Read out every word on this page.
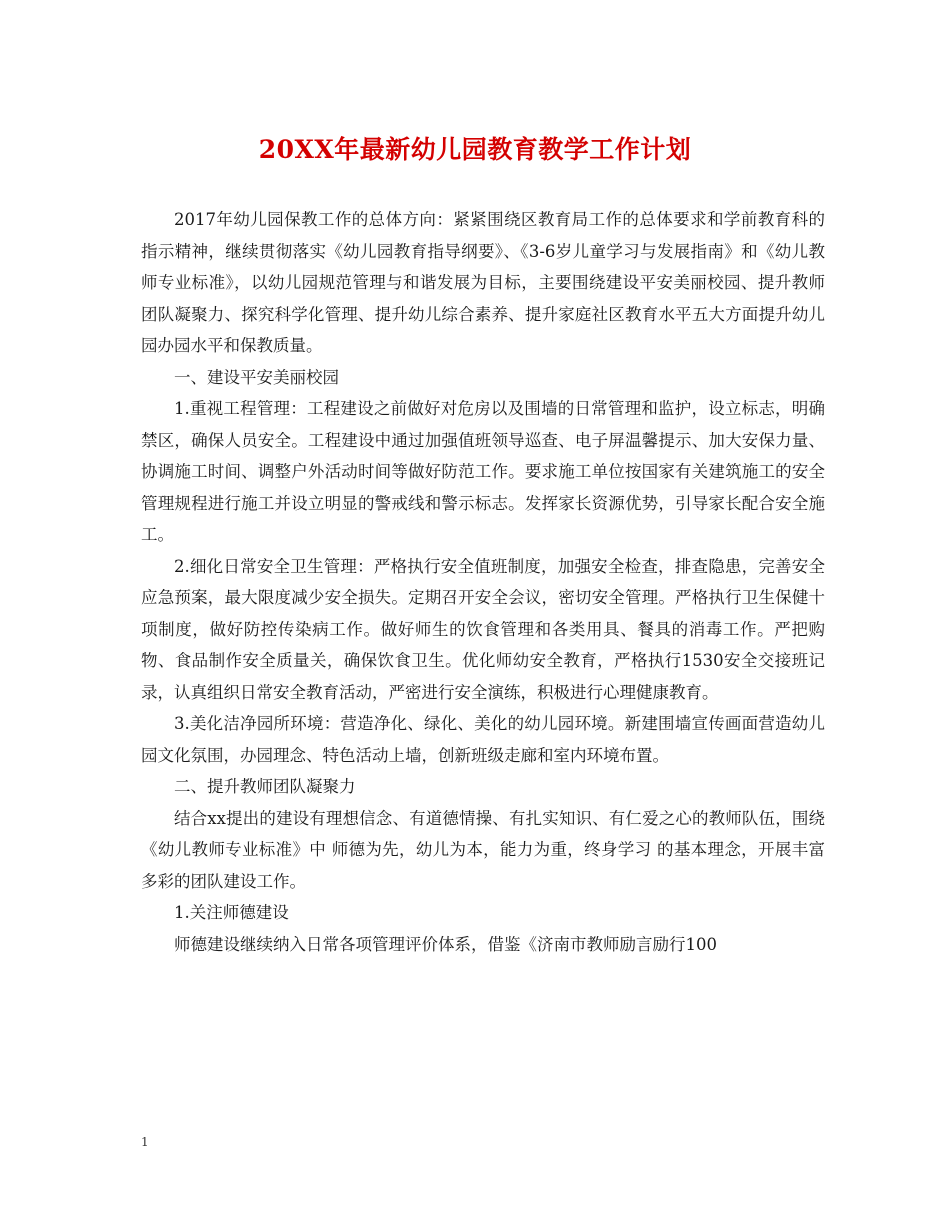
20XX年最新幼儿园教育教学工作计划

2017年幼儿园保教工作的总体方向：紧紧围绕区教育局工作的总体要求和学前教育科的指示精神，继续贯彻落实《幼儿园教育指导纲要》、《3-6岁儿童学习与发展指南》和《幼儿教师专业标准》，以幼儿园规范管理与和谐发展为目标，主要围绕建设平安美丽校园、提升教师团队凝聚力、探究科学化管理、提升幼儿综合素养、提升家庭社区教育水平五大方面提升幼儿园办园水平和保教质量。

一、建设平安美丽校园

1.重视工程管理：工程建设之前做好对危房以及围墙的日常管理和监护，设立标志，明确禁区，确保人员安全。工程建设中通过加强值班领导巡查、电子屏温馨提示、加大安保力量、协调施工时间、调整户外活动时间等做好防范工作。要求施工单位按国家有关建筑施工的安全管理规程进行施工并设立明显的警戒线和警示标志。发挥家长资源优势，引导家长配合安全施工。

2.细化日常安全卫生管理：严格执行安全值班制度，加强安全检查，排查隐患，完善安全应急预案，最大限度减少安全损失。定期召开安全会议，密切安全管理。严格执行卫生保健十项制度，做好防控传染病工作。做好师生的饮食管理和各类用具、餐具的消毒工作。严把购物、食品制作安全质量关，确保饮食卫生。优化师幼安全教育，严格执行1530安全交接班记录，认真组织日常安全教育活动，严密进行安全演练，积极进行心理健康教育。

3.美化洁净园所环境：营造净化、绿化、美化的幼儿园环境。新建围墙宣传画面营造幼儿园文化氛围，办园理念、特色活动上墙，创新班级走廊和室内环境布置。

二、提升教师团队凝聚力

结合xx提出的建设有理想信念、有道德情操、有扎实知识、有仁爱之心的教师队伍，围绕《幼儿教师专业标准》中 师德为先，幼儿为本，能力为重，终身学习 的基本理念，开展丰富多彩的团队建设工作。

1.关注师德建设

师德建设继续纳入日常各项管理评价体系，借鉴《济南市教师励言励行100

1
